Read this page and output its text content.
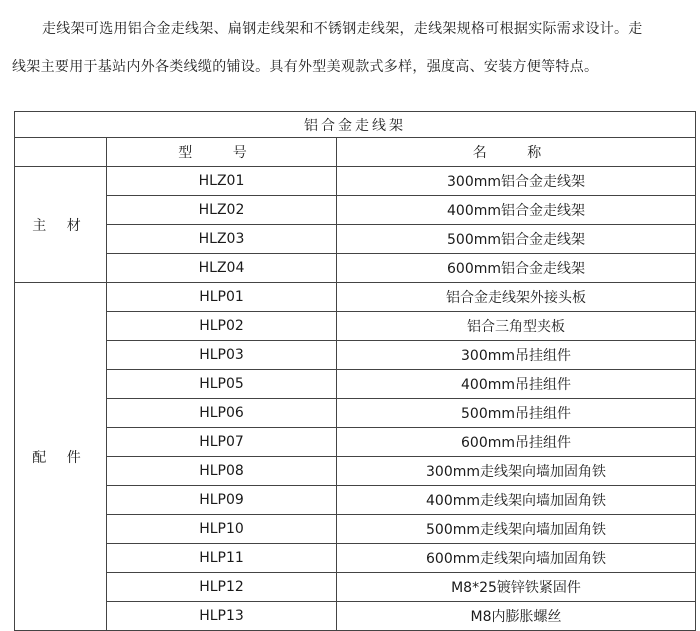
走线架可选用铝合金走线架、扁钢走线架和不锈钢走线架，走线架规格可根据实际需求设计。走

线架主要用于基站内外各类线缆的铺设。具有外型美观款式多样，强度高、安装方便等特点。

铝合金走线架		
	型 号	名 称
主 材	HLZ01	300mm铝合金走线架
	HLZ02	400mm铝合金走线架
	HLZ03	500mm铝合金走线架
	HLZ04	600mm铝合金走线架
配 件	HLP01	铝合金走线架外接头板
	HLP02	铝合三角型夹板
	HLP03	300mm吊挂组件
	HLP05	400mm吊挂组件
	HLP06	500mm吊挂组件
	HLP07	600mm吊挂组件
	HLP08	300mm走线架向墙加固角铁
	HLP09	400mm走线架向墙加固角铁
	HLP10	500mm走线架向墙加固角铁
	HLP11	600mm走线架向墙加固角铁
	HLP12	M8*25镀锌铁紧固件
	HLP13	M8内膨胀螺丝
